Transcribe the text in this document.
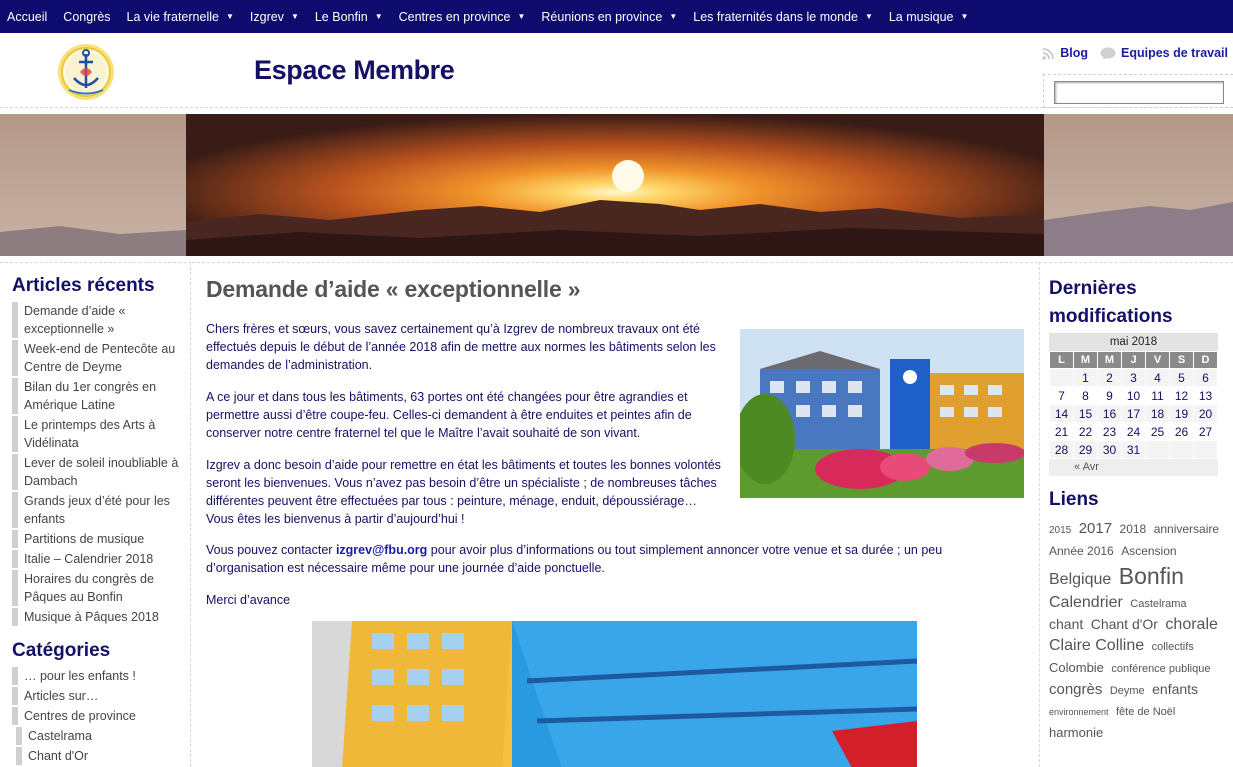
Accueil Congrès La vie fraternelle ▼ Izgrev ▼ Le Bonfin ▼ Centres en province ▼ Réunions en province ▼ Les fraternités dans le monde ▼ La musique ▼
Espace Membre
Blog	Equipes de travail
Articles récents
Demande d’aide « exceptionnelle »
Week-end de Pentecôte au Centre de Deyme
Bilan du 1er congrès en Amérique Latine
Le printemps des Arts à Vidélinata
Lever de soleil inoubliable à Dambach
Grands jeux d’été pour les enfants
Partitions de musique
Italie – Calendrier 2018
Horaires du congrès de Pâques au Bonfin
Musique à Pâques 2018
Catégories
… pour les enfants !
Articles sur…
Centres de province
Castelrama
Chant d'Or
Demande d’aide « exceptionnelle »
Chers frères et sœurs, vous savez certainement qu’à Izgrev de nombreux travaux ont été effectués depuis le début de l’année 2018 afin de mettre aux normes les bâtiments selon les demandes de l’administration.
A ce jour et dans tous les bâtiments, 63 portes ont été changées pour être agrandies et permettre aussi d’être coupe-feu. Celles-ci demandent à être enduites et peintes afin de conserver notre centre fraternel tel que le Maître l’avait souhaité de son vivant.
Izgrev a donc besoin d’aide pour remettre en état les bâtiments et toutes les bonnes volontés seront les bienvenues. Vous n’avez pas besoin d’être un spécialiste ; de nombreuses tâches différentes peuvent être effectuées par tous : peinture, ménage, enduit, dépoussiérage… Vous êtes les bienvenus à partir d’aujourd’hui !
Vous pouvez contacter izgrev@fbu.org pour avoir plus d’informations ou tout simplement annoncer votre venue et sa durée ; un peu d’organisation est nécessaire même pour une journée d’aide ponctuelle.
Merci d’avance
Dernières modifications
mai 2018
L	M	M	J	V	S	D
	1	2	3	4	5	6
7	8	9	10	11	12	13
14	15	16	17	18	19	20
21	22	23	24	25	26	27
28	29	30	31			
« Avr
Liens
2015 2017 2018 anniversaire Année 2016 Ascension Belgique Bonfin Calendrier Castelrama chant Chant d'Or chorale Claire Colline collectifs Colombie conférence publique congrès Deyme enfants environnement fête de Noël harmonie
